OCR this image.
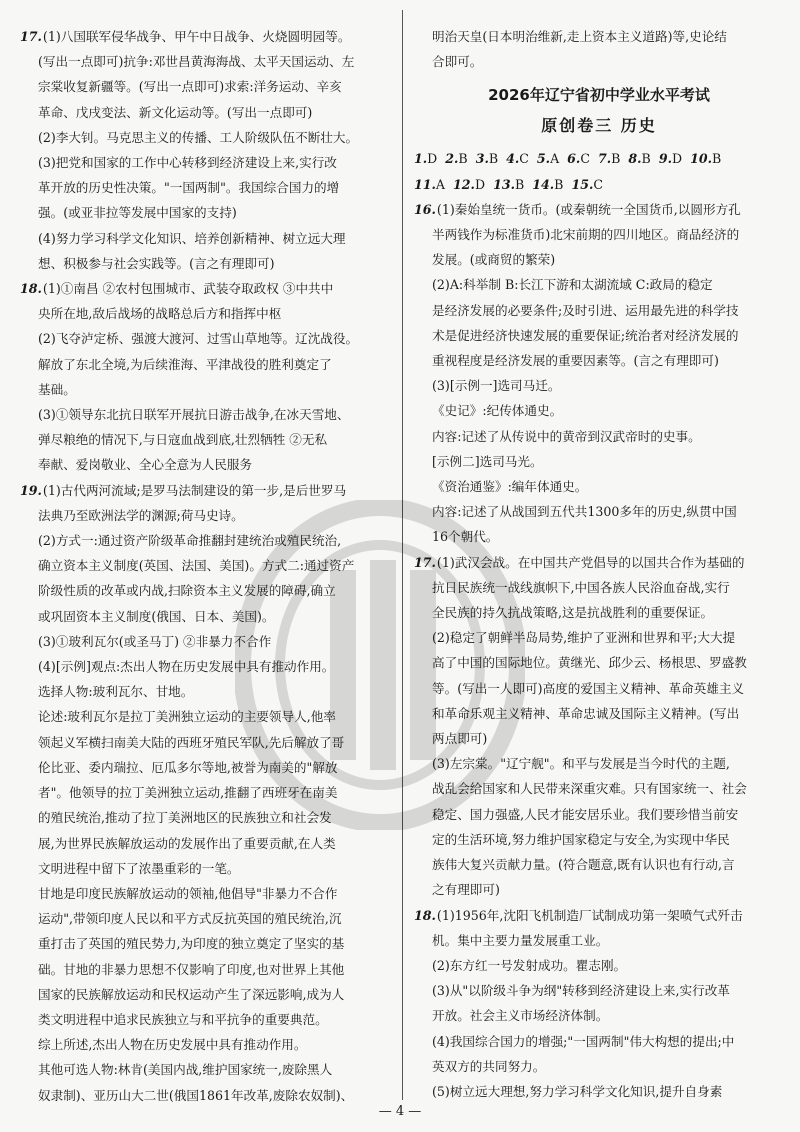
17.(1)八国联军侵华战争、甲午中日战争、火烧圆明园等。
(写出一点即可)抗争:邓世昌黄海海战、太平天国运动、左
宗棠收复新疆等。(写出一点即可)求索:洋务运动、辛亥
革命、戊戌变法、新文化运动等。(写出一点即可)
(2)李大钊。马克思主义的传播、工人阶级队伍不断壮大。
(3)把党和国家的工作中心转移到经济建设上来,实行改
革开放的历史性决策。"一国两制"。我国综合国力的增
强。(或亚非拉等发展中国家的支持)
(4)努力学习科学文化知识、培养创新精神、树立远大理
想、积极参与社会实践等。(言之有理即可)
18.(1)①南昌 ②农村包围城市、武装夺取政权 ③中共中
央所在地,敌后战场的战略总后方和指挥中枢
(2)飞夺泸定桥、强渡大渡河、过雪山草地等。辽沈战役。
解放了东北全境,为后续淮海、平津战役的胜利奠定了
基础。
(3)①领导东北抗日联军开展抗日游击战争,在冰天雪地、
弹尽粮绝的情况下,与日寇血战到底,壮烈牺牲 ②无私
奉献、爱岗敬业、全心全意为人民服务
19.(1)古代两河流域;是罗马法制建设的第一步,是后世罗马
法典乃至欧洲法学的渊源;荷马史诗。
(2)方式一:通过资产阶级革命推翻封建统治或殖民统治,
确立资本主义制度(英国、法国、美国)。方式二:通过资产
阶级性质的改革或内战,扫除资本主义发展的障碍,确立
或巩固资本主义制度(俄国、日本、美国)。
(3)①玻利瓦尔(或圣马丁) ②非暴力不合作
(4)[示例]观点:杰出人物在历史发展中具有推动作用。
选择人物:玻利瓦尔、甘地。
论述:玻利瓦尔是拉丁美洲独立运动的主要领导人,他率
领起义军横扫南美大陆的西班牙殖民军队,先后解放了哥
伦比亚、委内瑞拉、厄瓜多尔等地,被誉为南美的"解放
者"。他领导的拉丁美洲独立运动,推翻了西班牙在南美
的殖民统治,推动了拉丁美洲地区的民族独立和社会发
展,为世界民族解放运动的发展作出了重要贡献,在人类
文明进程中留下了浓墨重彩的一笔。
甘地是印度民族解放运动的领袖,他倡导"非暴力不合作
运动",带领印度人民以和平方式反抗英国的殖民统治,沉
重打击了英国的殖民势力,为印度的独立奠定了坚实的基
础。甘地的非暴力思想不仅影响了印度,也对世界上其他
国家的民族解放运动和民权运动产生了深远影响,成为人
类文明进程中追求民族独立与和平抗争的重要典范。
综上所述,杰出人物在历史发展中具有推动作用。
其他可选人物:林肯(美国内战,维护国家统一,废除黑人
奴隶制)、亚历山大二世(俄国1861年改革,废除农奴制)、
明治天皇(日本明治维新,走上资本主义道路)等,史论结
合即可。
2026年辽宁省初中学业水平考试
原创卷三 历史
1.D 2.B 3.B 4.C 5.A 6.C 7.B 8.B 9.D 10.B
11.A 12.D 13.B 14.B 15.C
16.(1)秦始皇统一货币。(或秦朝统一全国货币,以圆形方孔
半两钱作为标准货币)北宋前期的四川地区。商品经济的
发展。(或商贸的繁荣)
(2)A:科举制 B:长江下游和太湖流域 C:政局的稳定
是经济发展的必要条件;及时引进、运用最先进的科学技
术是促进经济快速发展的重要保证;统治者对经济发展的
重视程度是经济发展的重要因素等。(言之有理即可)
(3)[示例一]选司马迁。
《史记》:纪传体通史。
内容:记述了从传说中的黄帝到汉武帝时的史事。
[示例二]选司马光。
《资治通鉴》:编年体通史。
内容:记述了从战国到五代共1300多年的历史,纵贯中国
16个朝代。
17.(1)武汉会战。在中国共产党倡导的以国共合作为基础的
抗日民族统一战线旗帜下,中国各族人民浴血奋战,实行
全民族的持久抗战策略,这是抗战胜利的重要保证。
(2)稳定了朝鲜半岛局势,维护了亚洲和世界和平;大大提
高了中国的国际地位。黄继光、邱少云、杨根思、罗盛教
等。(写出一人即可)高度的爱国主义精神、革命英雄主义
和革命乐观主义精神、革命忠诚及国际主义精神。(写出
两点即可)
(3)左宗棠。"辽宁舰"。和平与发展是当今时代的主题,
战乱会给国家和人民带来深重灾难。只有国家统一、社会
稳定、国力强盛,人民才能安居乐业。我们要珍惜当前安
定的生活环境,努力维护国家稳定与安全,为实现中华民
族伟大复兴贡献力量。(符合题意,既有认识也有行动,言
之有理即可)
18.(1)1956年,沈阳飞机制造厂试制成功第一架喷气式歼击
机。集中主要力量发展重工业。
(2)东方红一号发射成功。瞿志刚。
(3)从"以阶级斗争为纲"转移到经济建设上来,实行改革
开放。社会主义市场经济体制。
(4)我国综合国力的增强;"一国两制"伟大构想的提出;中
英双方的共同努力。
(5)树立远大理想,努力学习科学文化知识,提升自身素
— 4 —
